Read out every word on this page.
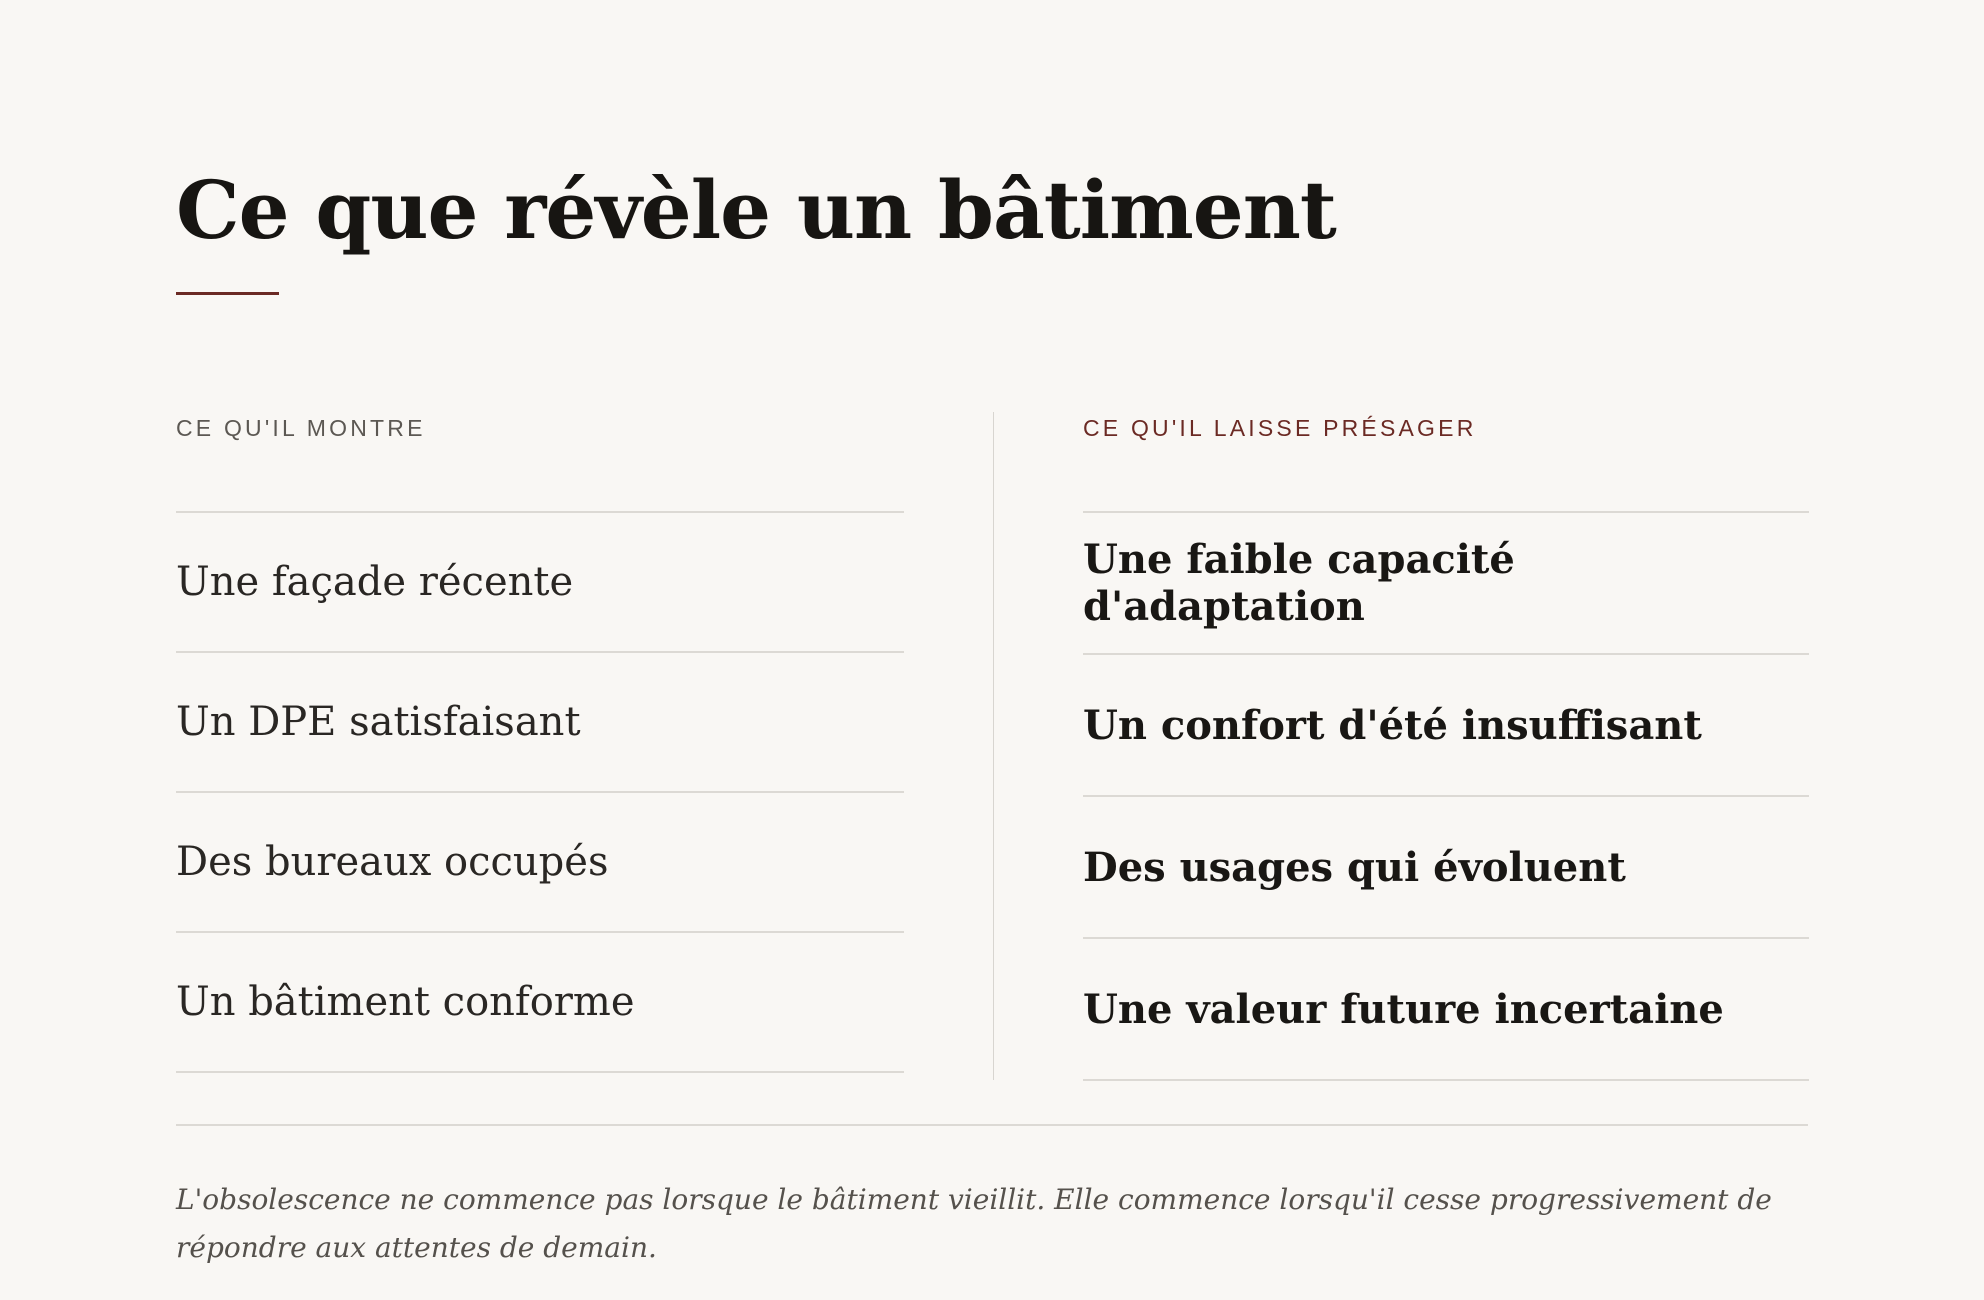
Ce que révèle un bâtiment
CE QU'IL MONTRE
Une façade récente
Un DPE satisfaisant
Des bureaux occupés
Un bâtiment conforme
CE QU'IL LAISSE PRÉSAGER
Une faible capacité d'adaptation
Un confort d'été insuffisant
Des usages qui évoluent
Une valeur future incertaine

L'obsolescence ne commence pas lorsque le bâtiment vieillit. Elle commence lorsqu'il cesse progressivement de répondre aux attentes de demain.
